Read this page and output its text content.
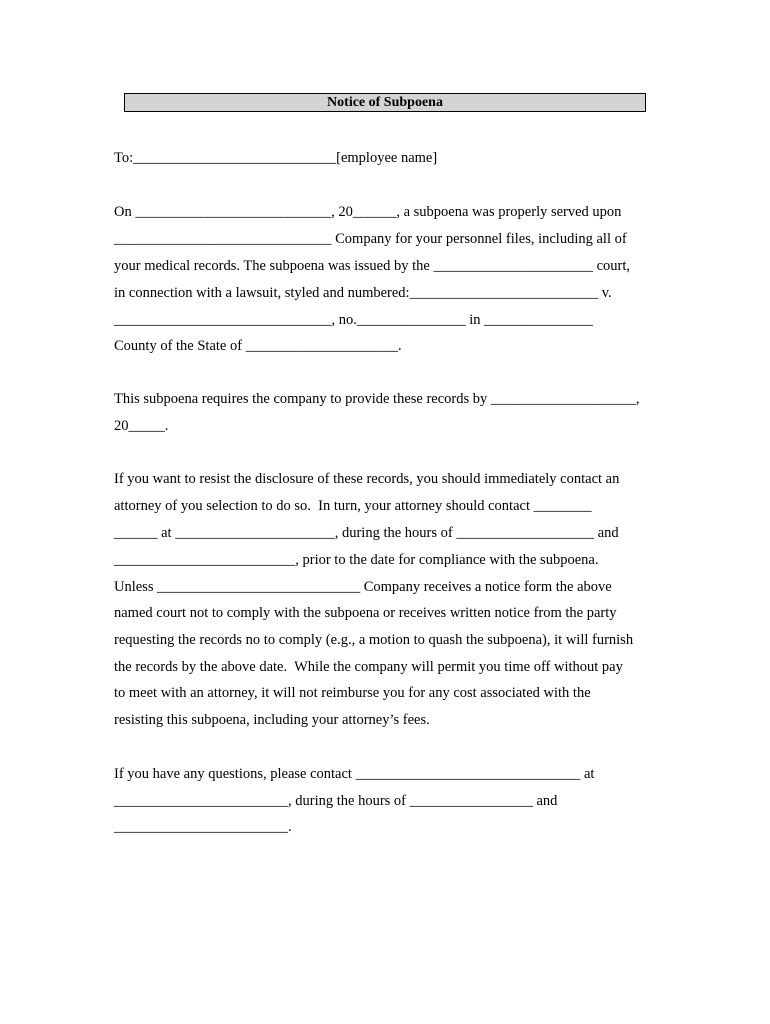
Notice of Subpoena
To:____________________________[employee name]
On ___________________________, 20______, a subpoena was properly served upon
______________________________ Company for your personnel files, including all of
your medical records. The subpoena was issued by the ______________________ court,
in connection with a lawsuit, styled and numbered:__________________________ v.
______________________________, no._______________ in _______________
County of the State of _____________________.
This subpoena requires the company to provide these records by ____________________,
20_____.
If you want to resist the disclosure of these records, you should immediately contact an
attorney of you selection to do so.  In turn, your attorney should contact ________
______ at ______________________, during the hours of ___________________ and
_________________________, prior to the date for compliance with the subpoena.
Unless ____________________________ Company receives a notice form the above
named court not to comply with the subpoena or receives written notice from the party
requesting the records no to comply (e.g., a motion to quash the subpoena), it will furnish
the records by the above date.  While the company will permit you time off without pay
to meet with an attorney, it will not reimburse you for any cost associated with the
resisting this subpoena, including your attorney’s fees.
If you have any questions, please contact _______________________________ at
________________________, during the hours of _________________ and
________________________.
